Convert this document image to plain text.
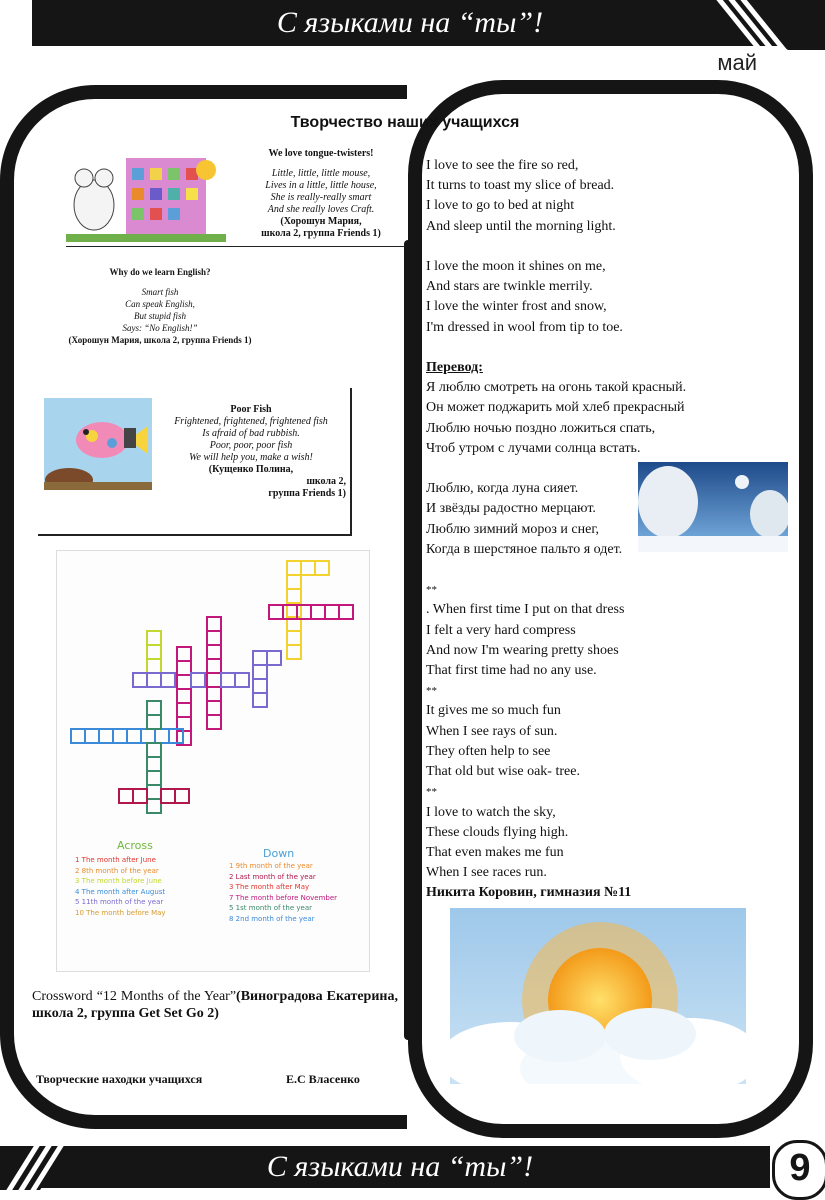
С языками на “ты”!
май
Творчество наших учащихся
We love tongue-twisters!
Little, little, little mouse,
Lives in a little, little house,
She is really-really smart
And she really loves Craft.
(Хорошун Мария,
школа 2, группа Friends 1)
Why do we learn English?
Smart fish
Can speak English,
But stupid fish
Says: “No English!”
(Хорошун Мария, школа 2, группа Friends 1)
Poor Fish
Frightened, frightened, frightened fish
Is afraid of bad rubbish.
Poor, poor, poor fish
We will help you, make a wish!
(Кущенко Полина,
школа 2,
группа Friends 1)
Across
Down
1 The month after June
2 8th month of the year
3 The month before June
4 The month after August
5 11th month of the year
10 The month before May
1 9th month of the year
2 Last month of the year
3 The month after May
7 The month before November
5 1st month of the year
8 2nd month of the year
Crossword “12 Months of the Year”(Виноградова Екатерина,
школа 2, группа Get Set Go 2)
Творческие находки учащихся	Е.С Власенко

I love to see the fire so red,

It turns to toast my slice of bread.

I love to go to bed at night

And sleep until the morning light.

I love the moon it shines on me,

And stars are twinkle merrily.

I love the winter frost and snow,

I'm dressed in wool from tip to toe.

Перевод:

Я люблю смотреть на огонь такой красный.

Он может поджарить мой хлеб прекрасный

Люблю ночью поздно ложиться спать,

Чтоб утром с лучами солнца встать.

Люблю, когда луна сияет.

И звёзды радостно мерцают.

Люблю зимний мороз и снег,

Когда в шерстяное пальто я одет.

**

. When first time I put on that dress

I felt a very hard compress

And now I'm wearing pretty shoes

That first time had no any use.

**

It gives me so much fun

When I see rays of sun.

They often help to see

That old but wise oak- tree.

**

I love to watch the sky,

These clouds flying high.

That even makes me fun

When I see races run.

Никита Коровин, гимназия №11

С языками на “ты”!	9
